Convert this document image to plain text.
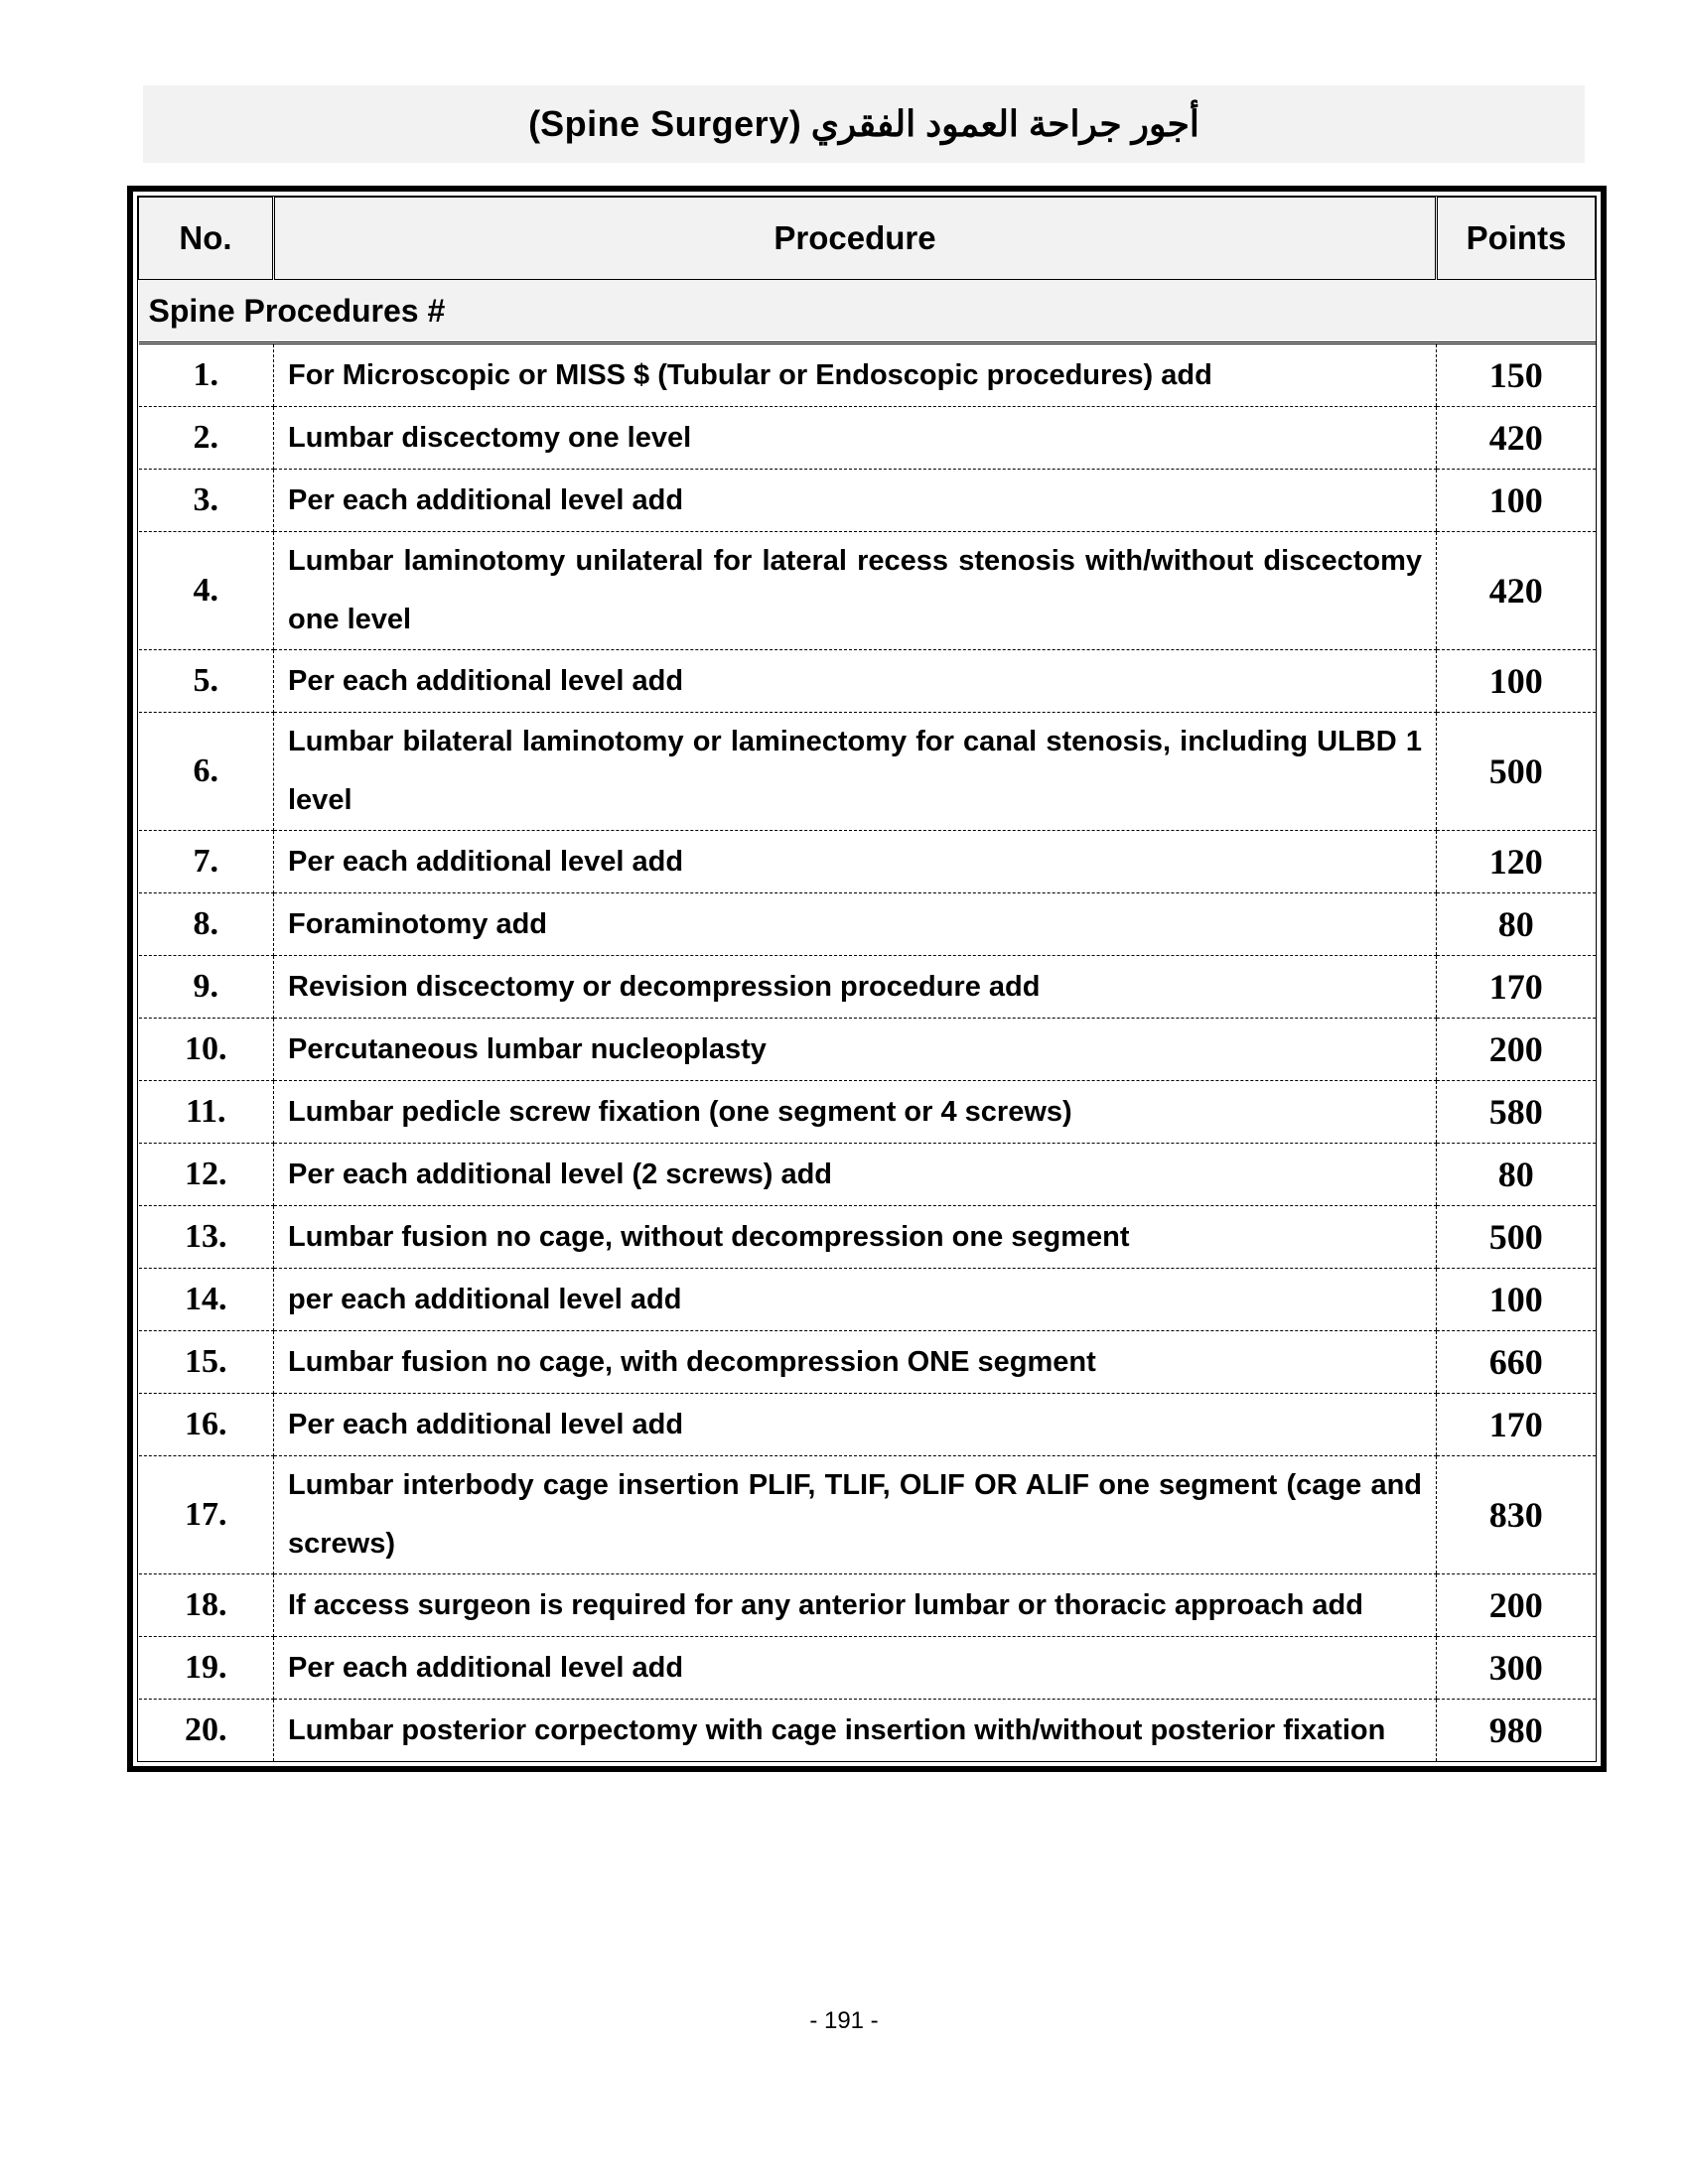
أجور جراحة العمود الفقري (Spine Surgery)
No.	Procedure	Points
Spine Procedures #		
1.	For Microscopic or MISS $ (Tubular or Endoscopic procedures) add	150
2.	Lumbar discectomy one level	420
3.	Per each additional level add	100
4.	Lumbar laminotomy unilateral for lateral recess stenosis with/without discectomy one level	420
5.	Per each additional level add	100
6.	Lumbar bilateral laminotomy or laminectomy for canal stenosis, including ULBD 1 level	500
7.	Per each additional level add	120
8.	Foraminotomy add	80
9.	Revision discectomy or decompression procedure add	170
10.	Percutaneous lumbar nucleoplasty	200
11.	Lumbar pedicle screw fixation (one segment or 4 screws)	580
12.	Per each additional level (2 screws) add	80
13.	Lumbar fusion no cage, without decompression one segment	500
14.	per each additional level add	100
15.	Lumbar fusion no cage, with decompression ONE segment	660
16.	Per each additional level add	170
17.	Lumbar interbody cage insertion PLIF, TLIF, OLIF OR ALIF one segment (cage and screws)	830
18.	If access surgeon is required for any anterior lumbar or thoracic approach add	200
19.	Per each additional level add	300
20.	Lumbar posterior corpectomy with cage insertion with/without posterior fixation	980
- 191 -
